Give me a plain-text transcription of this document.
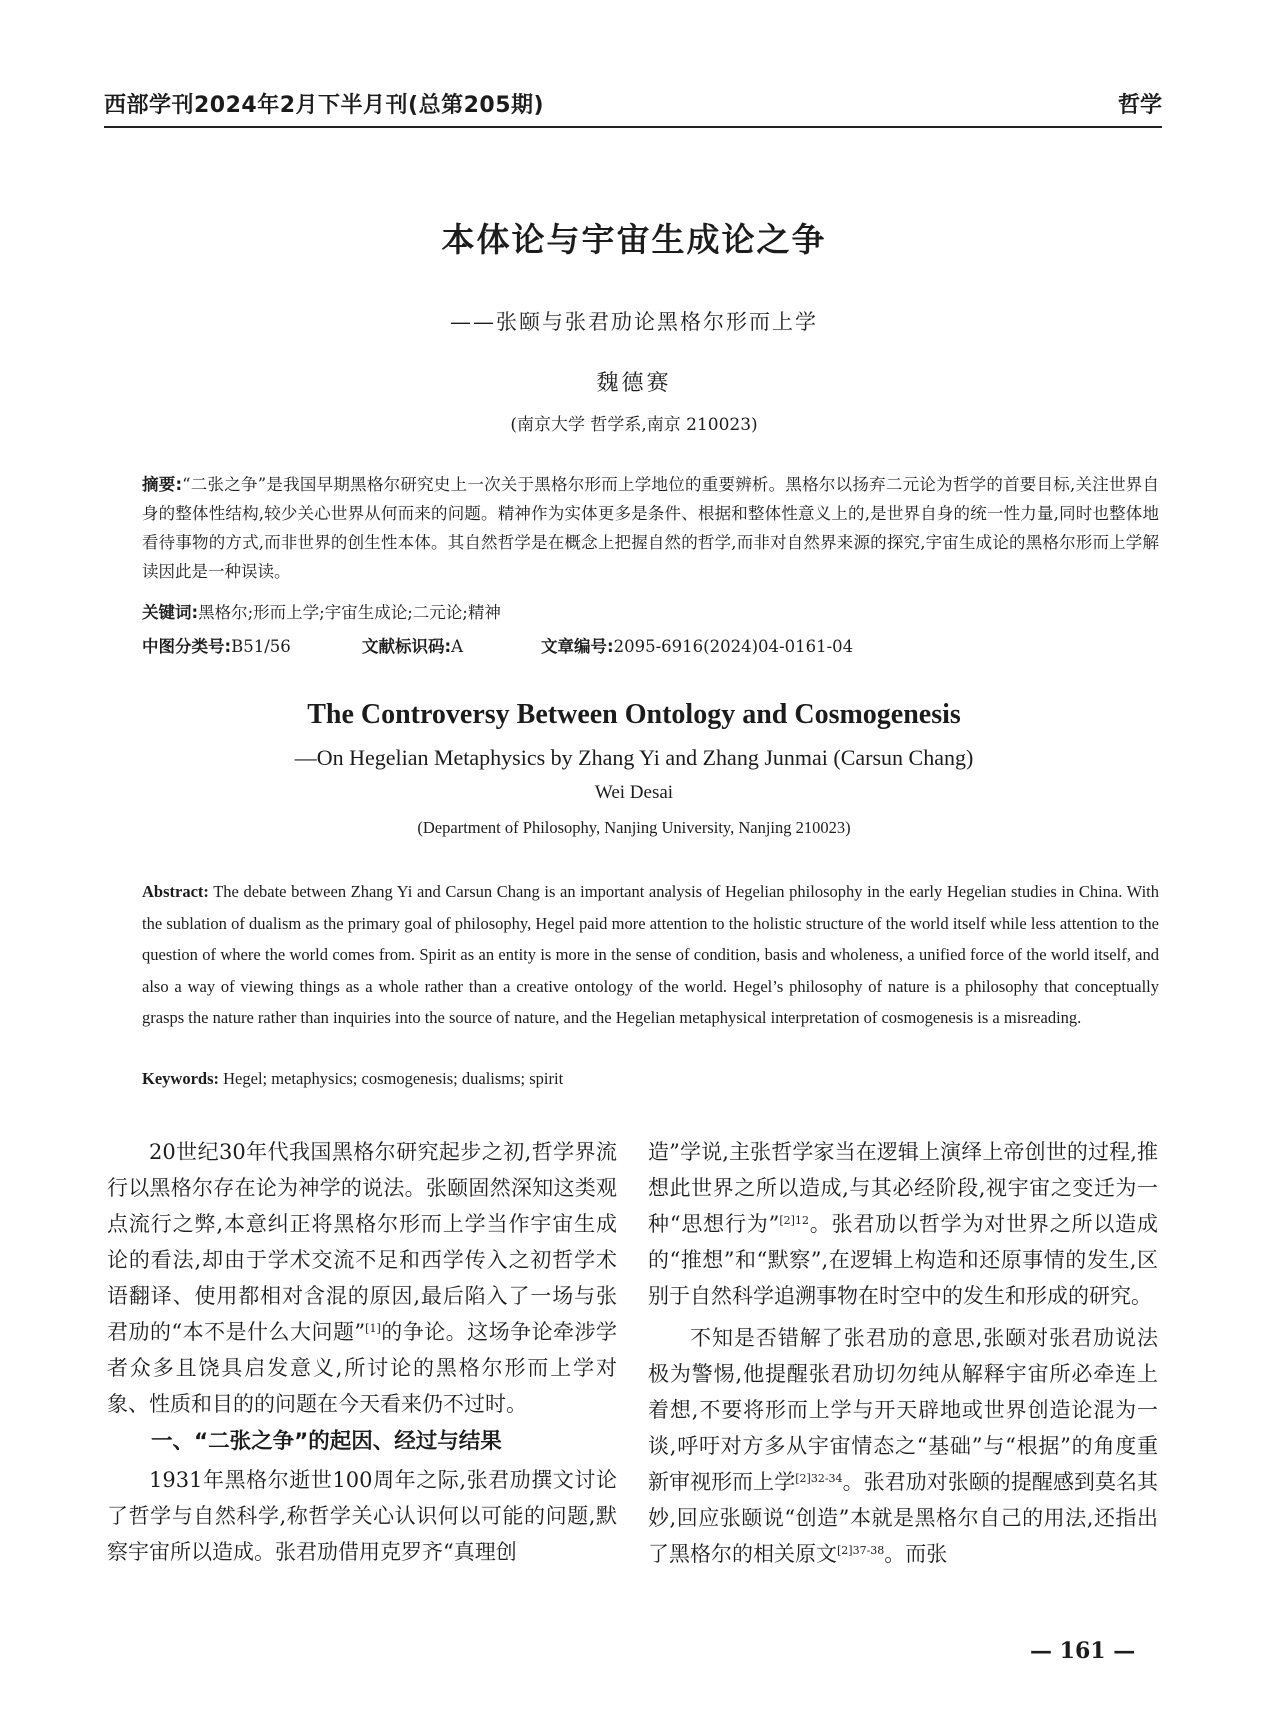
西部学刊2024年2月下半月刊(总第205期)	哲学
本体论与宇宙生成论之争
——张颐与张君劢论黑格尔形而上学
魏德赛
(南京大学 哲学系,南京 210023)
摘要:“二张之争”是我国早期黑格尔研究史上一次关于黑格尔形而上学地位的重要辨析。黑格尔以扬弃二元论为哲学的首要目标,关注世界自身的整体性结构,较少关心世界从何而来的问题。精神作为实体更多是条件、根据和整体性意义上的,是世界自身的统一性力量,同时也整体地看待事物的方式,而非世界的创生性本体。其自然哲学是在概念上把握自然的哲学,而非对自然界来源的探究,宇宙生成论的黑格尔形而上学解读因此是一种误读。
关键词:黑格尔;形而上学;宇宙生成论;二元论;精神
中图分类号:B51/56	文献标识码:A	文章编号:2095-6916(2024)04-0161-04
The Controversy Between Ontology and Cosmogenesis
—On Hegelian Metaphysics by Zhang Yi and Zhang Junmai (Carsun Chang)
Wei Desai
(Department of Philosophy, Nanjing University, Nanjing 210023)
Abstract: The debate between Zhang Yi and Carsun Chang is an important analysis of Hegelian philosophy in the early Hegelian studies in China. With the sublation of dualism as the primary goal of philosophy, Hegel paid more attention to the holistic structure of the world itself while less attention to the question of where the world comes from. Spirit as an entity is more in the sense of condition, basis and wholeness, a unified force of the world itself, and also a way of viewing things as a whole rather than a creative ontology of the world. Hegel’s philosophy of nature is a philosophy that conceptually grasps the nature rather than inquiries into the source of nature, and the Hegelian metaphysical interpretation of cosmogenesis is a misreading.
Keywords: Hegel; metaphysics; cosmogenesis; dualisms; spirit

20世纪30年代我国黑格尔研究起步之初,哲学界流行以黑格尔存在论为神学的说法。张颐固然深知这类观点流行之弊,本意纠正将黑格尔形而上学当作宇宙生成论的看法,却由于学术交流不足和西学传入之初哲学术语翻译、使用都相对含混的原因,最后陷入了一场与张君劢的“本不是什么大问题”[1]的争论。这场争论牵涉学者众多且饶具启发意义,所讨论的黑格尔形而上学对象、性质和目的的问题在今天看来仍不过时。

一、“二张之争”的起因、经过与结果

1931年黑格尔逝世100周年之际,张君劢撰文讨论了哲学与自然科学,称哲学关心认识何以可能的问题,默察宇宙所以造成。张君劢借用克罗齐“真理创

造”学说,主张哲学家当在逻辑上演绎上帝创世的过程,推想此世界之所以造成,与其必经阶段,视宇宙之变迁为一种“思想行为”$^{[2]12}$。张君劢以哲学为对世界之所以造成的“推想”和“默察”,在逻辑上构造和还原事情的发生,区别于自然科学追溯事物在时空中的发生和形成的研究。

不知是否错解了张君劢的意思,张颐对张君劢说法极为警惕,他提醒张君劢切勿纯从解释宇宙所必牵连上着想,不要将形而上学与开天辟地或世界创造论混为一谈,呼吁对方多从宇宙情态之“基础”与“根据”的角度重新审视形而上学$^{[2]32-34}$。张君劢对张颐的提醒感到莫名其妙,回应张颐说“创造”本就是黑格尔自己的用法,还指出了黑格尔的相关原文$^{[2]37-38}$。而张

— 161 —
